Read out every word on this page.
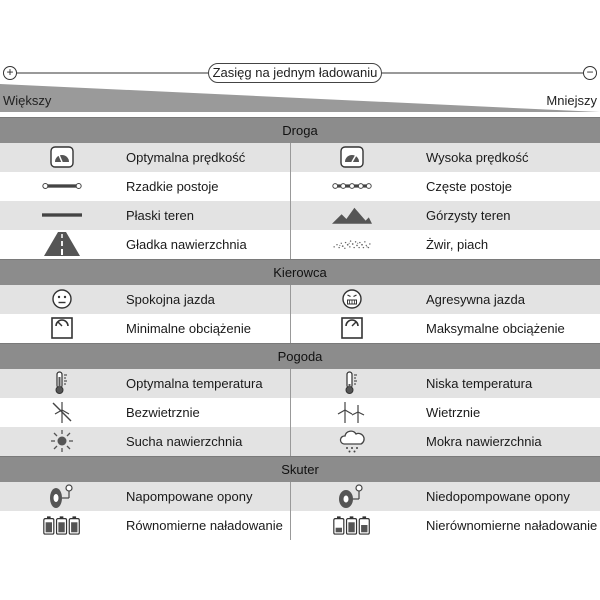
+	−
Zasięg na jednym ładowaniu
Większy	Mniejszy
Droga
Optymalna prędkość	Wysoka prędkość
Rzadkie postoje	Częste postoje
Płaski teren	Górzysty teren
Gładka nawierzchnia	Żwir, piach
Kierowca
Spokojna jazda	Agresywna jazda
Minimalne obciążenie	Maksymalne obciążenie
Pogoda
Optymalna temperatura	Niska temperatura
Bezwietrznie	Wietrznie
Sucha nawierzchnia	Mokra nawierzchnia
Skuter
Napompowane opony	Niedopompowane opony
Równomierne naładowanie	Nierównomierne naładowanie
